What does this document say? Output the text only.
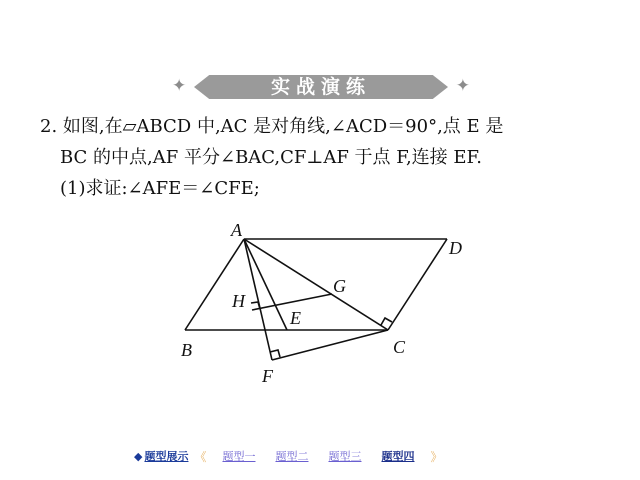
✦	实战演练	✦
2. 如图,在▱ABCD 中,AC 是对角线,∠ACD＝90°,点 E 是
BC 的中点,AF 平分∠BAC,CF⊥AF 于点 F,连接 EF.
(1)求证:∠AFE＝∠CFE;
A
D
G
H
E
B	C
F
◆ 题型展示 《 题型一 题型二 题型三 题型四 》
